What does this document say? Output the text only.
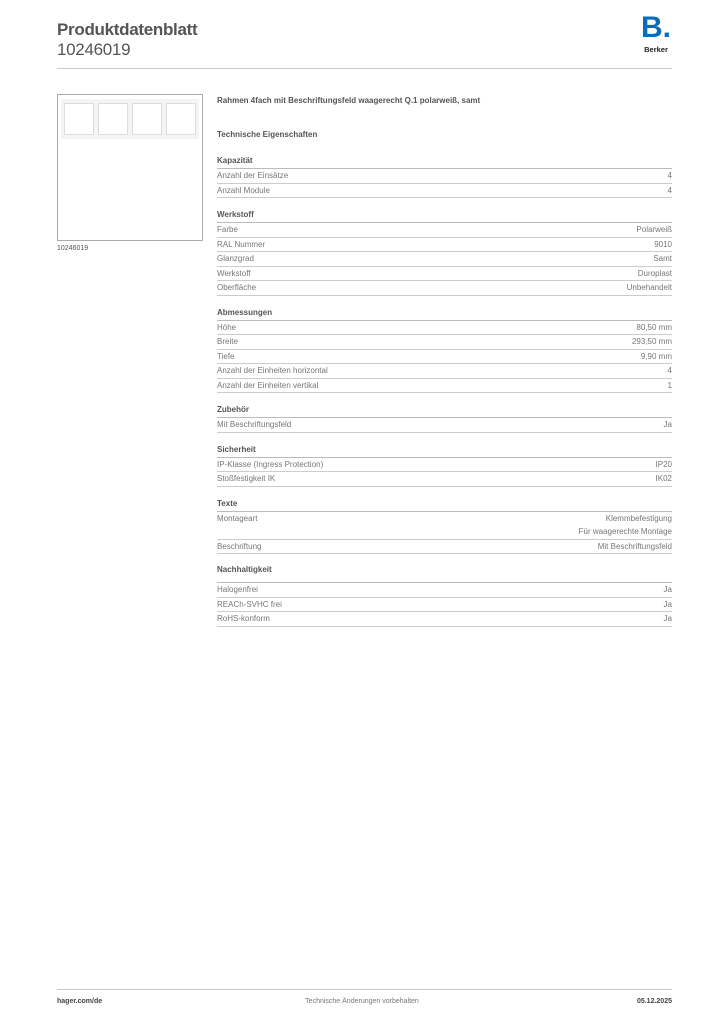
Produktdatenblatt
10246019
B.
Berker
10246019
Rahmen 4fach mit Beschriftungsfeld waagerecht Q.1 polarweiß, samt
Technische Eigenschaften
Kapazität
Anzahl der Einsätze	4
Anzahl Module	4
Werkstoff
Farbe	Polarweiß
RAL Nummer	9010
Glanzgrad	Samt
Werkstoff	Duroplast
Oberfläche	Unbehandelt
Abmessungen
Höhe	80,50 mm
Breite	293,50 mm
Tiefe	9,90 mm
Anzahl der Einheiten horizontal	4
Anzahl der Einheiten vertikal	1
Zubehör
Mit Beschriftungsfeld	Ja
Sicherheit
IP-Klasse (Ingress Protection)	IP20
Stoßfestigkeit IK	IK02
Texte
Montageart	Klemmbefestigung
Für waagerechte Montage
Beschriftung	Mit Beschriftungsfeld
Nachhaltigkeit
Halogenfrei	Ja
REACh-SVHC frei	Ja
RoHS-konform	Ja
hager.com/de	Technische Änderungen vorbehalten	05.12.2025
